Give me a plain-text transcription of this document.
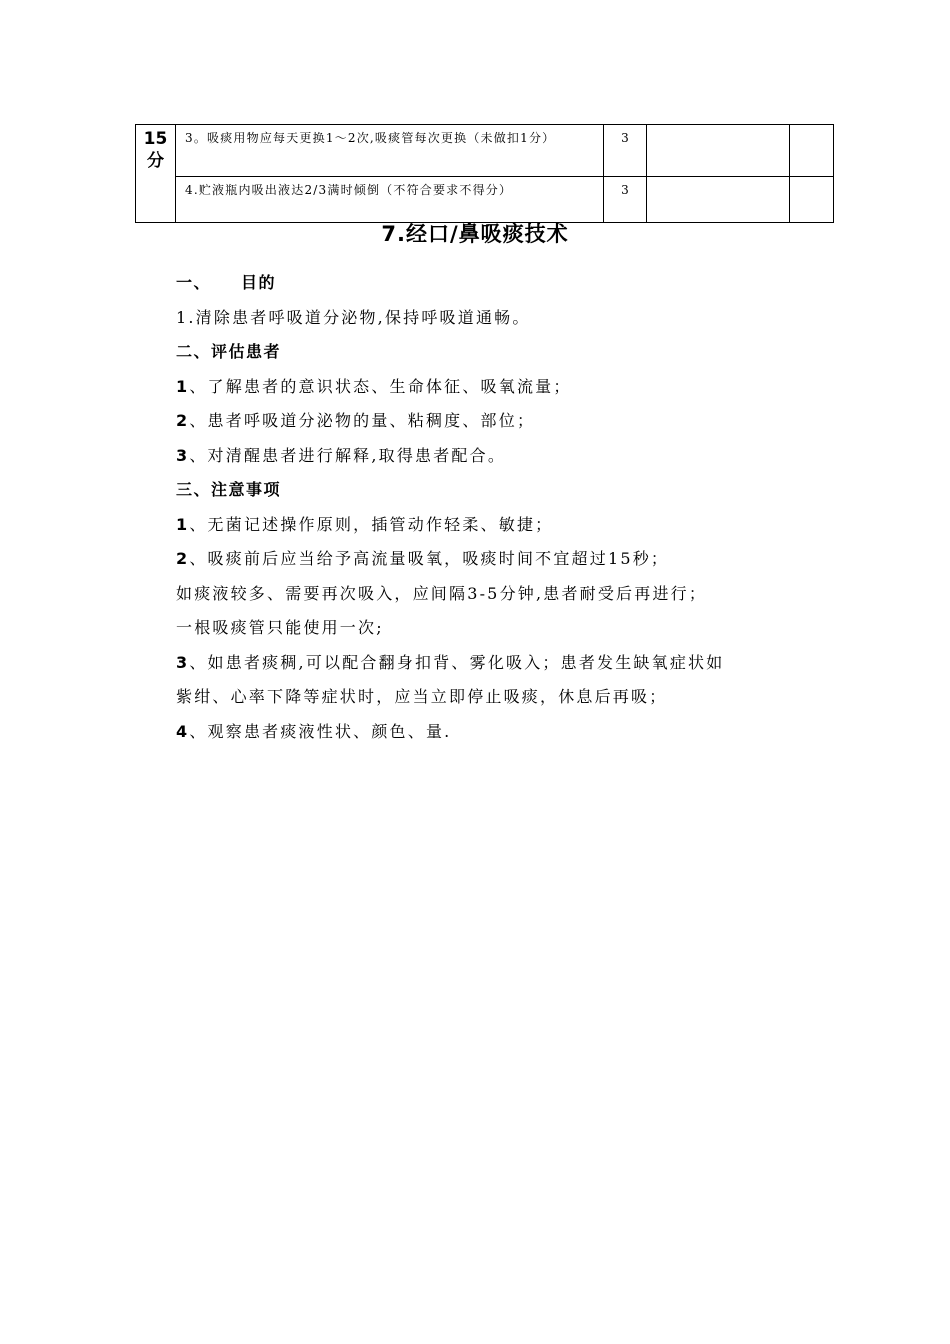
15
分	3。吸痰用物应每天更换1～2次,吸痰管每次更换（未做扣1分）	3		
	4.贮液瓶内吸出液达2/3满时倾倒（不符合要求不得分）	3		
7.经口/鼻吸痰技术

一、 目的

1.清除患者呼吸道分泌物,保持呼吸道通畅。

二、评估患者

1、了解患者的意识状态、生命体征、吸氧流量；

2、患者呼吸道分泌物的量、粘稠度、部位；

3、对清醒患者进行解释,取得患者配合。

三、注意事项

1、无菌记述操作原则，插管动作轻柔、敏捷；

2、吸痰前后应当给予高流量吸氧，吸痰时间不宜超过15秒；

如痰液较多、需要再次吸入，应间隔3-5分钟,患者耐受后再进行；

一根吸痰管只能使用一次;

3、如患者痰稠,可以配合翻身扣背、雾化吸入；患者发生缺氧症状如

紫绀、心率下降等症状时，应当立即停止吸痰，休息后再吸；

4、观察患者痰液性状、颜色、量.
